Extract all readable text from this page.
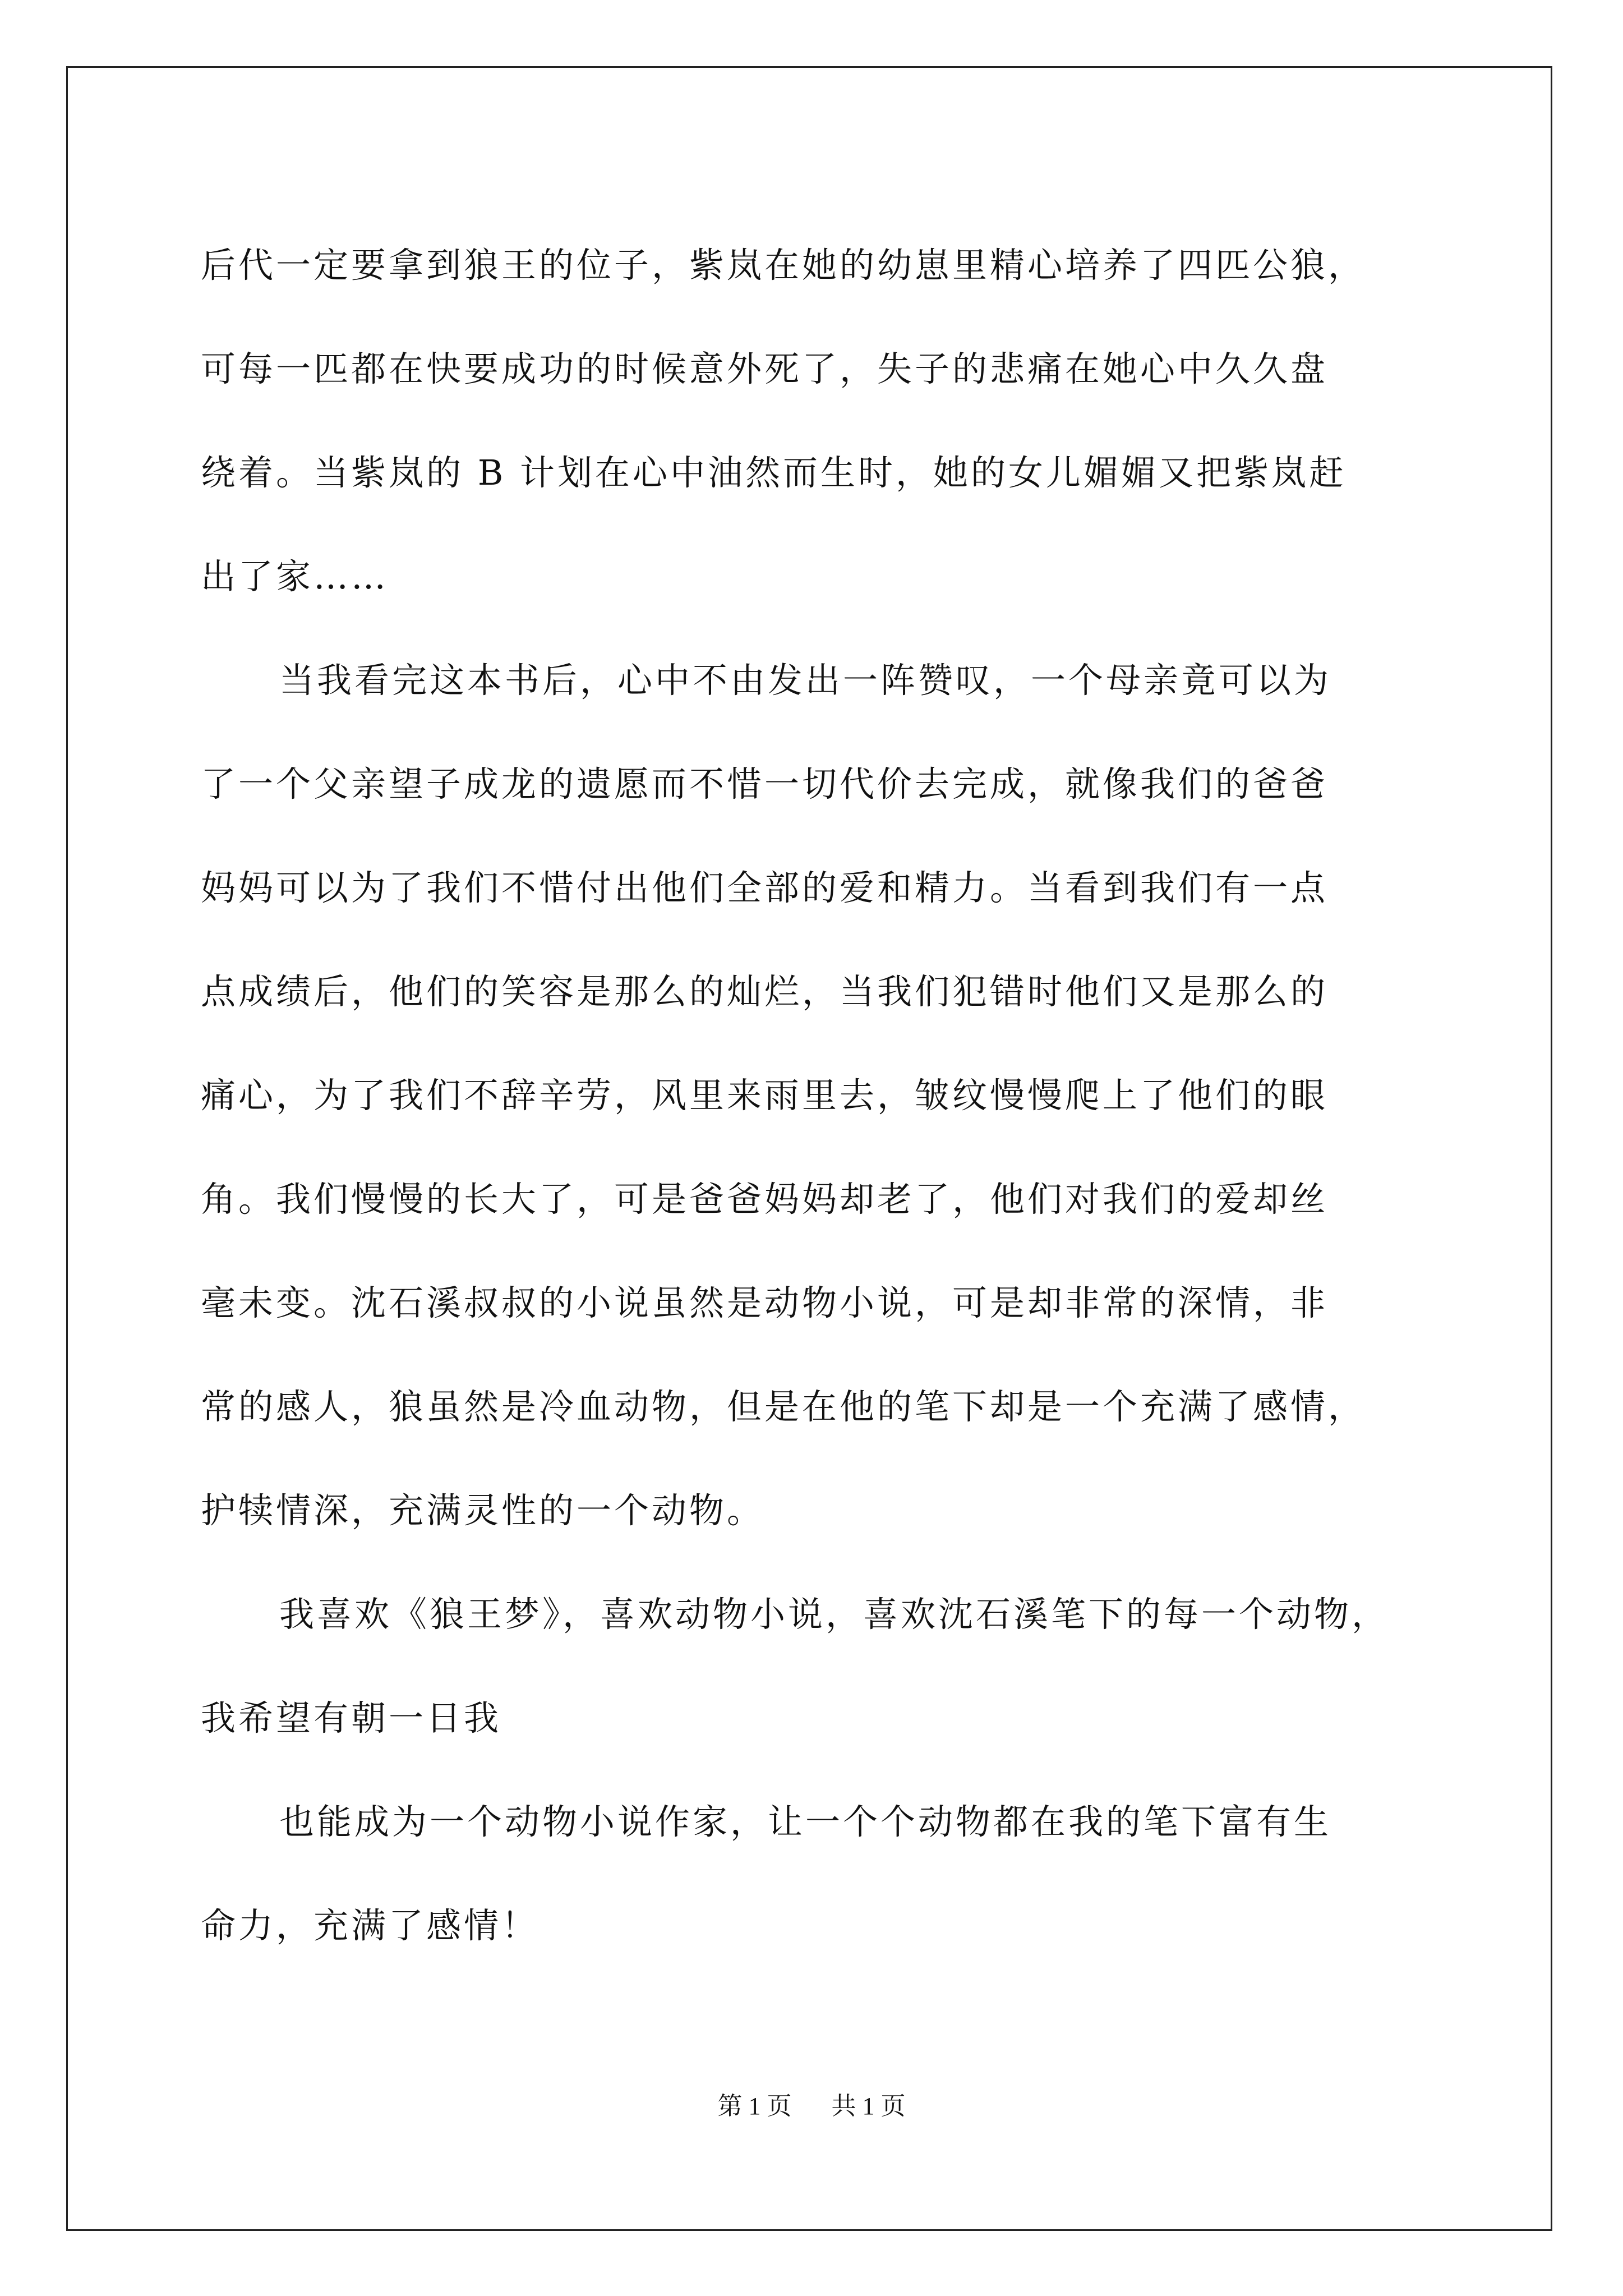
后代一定要拿到狼王的位子，紫岚在她的幼崽里精心培养了四匹公狼，
可每一匹都在快要成功的时候意外死了，失子的悲痛在她心中久久盘
绕着。当紫岚的 B 计划在心中油然而生时，她的女儿媚媚又把紫岚赶
出了家……
当我看完这本书后，心中不由发出一阵赞叹，一个母亲竟可以为
了一个父亲望子成龙的遗愿而不惜一切代价去完成，就像我们的爸爸
妈妈可以为了我们不惜付出他们全部的爱和精力。当看到我们有一点
点成绩后，他们的笑容是那么的灿烂，当我们犯错时他们又是那么的
痛心，为了我们不辞辛劳，风里来雨里去，皱纹慢慢爬上了他们的眼
角。我们慢慢的长大了，可是爸爸妈妈却老了，他们对我们的爱却丝
毫未变。沈石溪叔叔的小说虽然是动物小说，可是却非常的深情，非
常的感人，狼虽然是冷血动物，但是在他的笔下却是一个充满了感情，
护犊情深，充满灵性的一个动物。
我喜欢《狼王梦》，喜欢动物小说，喜欢沈石溪笔下的每一个动物，
我希望有朝一日我
也能成为一个动物小说作家，让一个个动物都在我的笔下富有生
命力，充满了感情！
第 1 页 共 1 页
